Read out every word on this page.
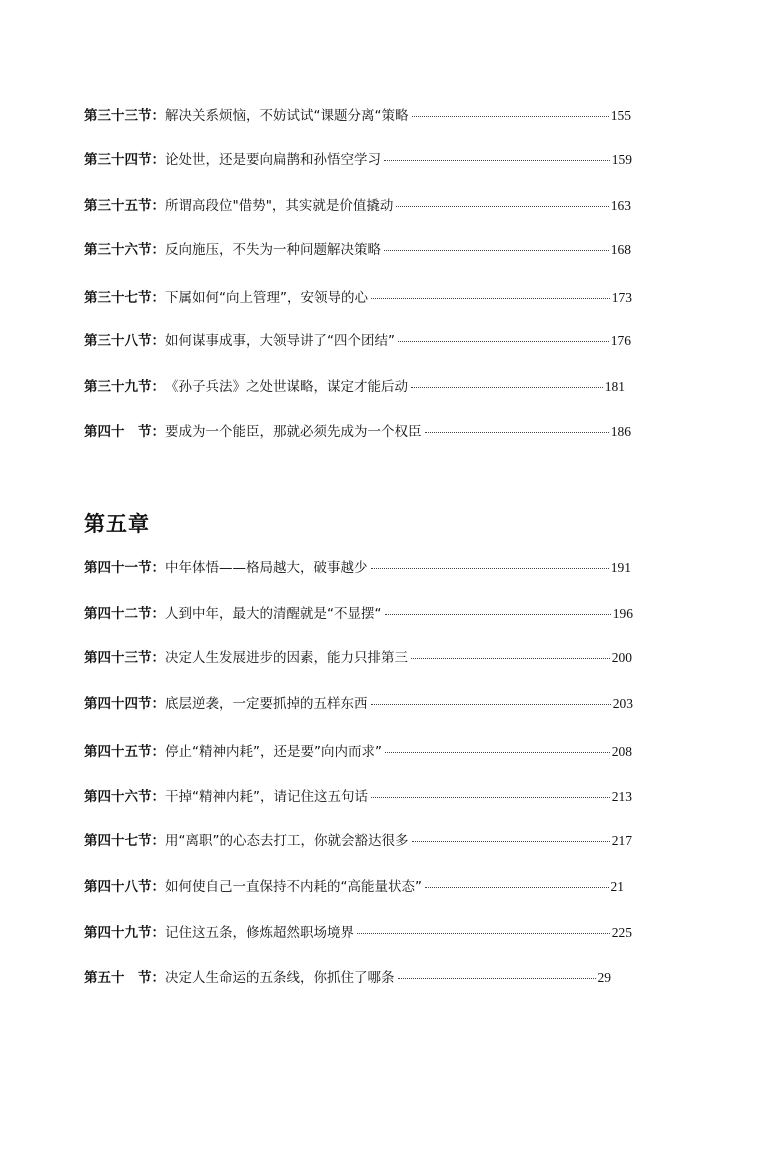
第三十三节 ： 解决关系烦恼，不妨试试“课题分离“策略	155
第三十四节 ： 论处世，还是要向扁鹊和孙悟空学习	159
第三十五节 ： 所谓高段位"借势"，其实就是价值撬动	163
第三十六节 ： 反向施压，不失为一种问题解决策略	168
第三十七节 ： 下属如何“向上管理”，安领导的心	173
第三十八节 ： 如何谋事成事，大领导讲了“四个团结”	176
第三十九节 ： 《孙子兵法》之处世谋略，谋定才能后动	181
第四十　节 ： 要成为一个能臣，那就必须先成为一个权臣	186
第五章
第四十一节 ： 中年体悟——格局越大，破事越少	191
第四十二节 ： 人到中年，最大的清醒就是“不显摆“	196
第四十三节 ： 决定人生发展进步的因素，能力只排第三	200
第四十四节 ： 底层逆袭，一定要抓掉的五样东西	203
第四十五节 ： 停止“精神内耗”，还是要”向内而求”	208
第四十六节 ： 干掉“精神内耗”，请记住这五句话	213
第四十七节 ： 用“离职”的心态去打工，你就会豁达很多	217
第四十八节 ： 如何使自己一直保持不内耗的“高能量状态”	21
第四十九节 ： 记住这五条，修炼超然职场境界	225
第五十　节 ： 决定人生命运的五条线，你抓住了哪条	29
